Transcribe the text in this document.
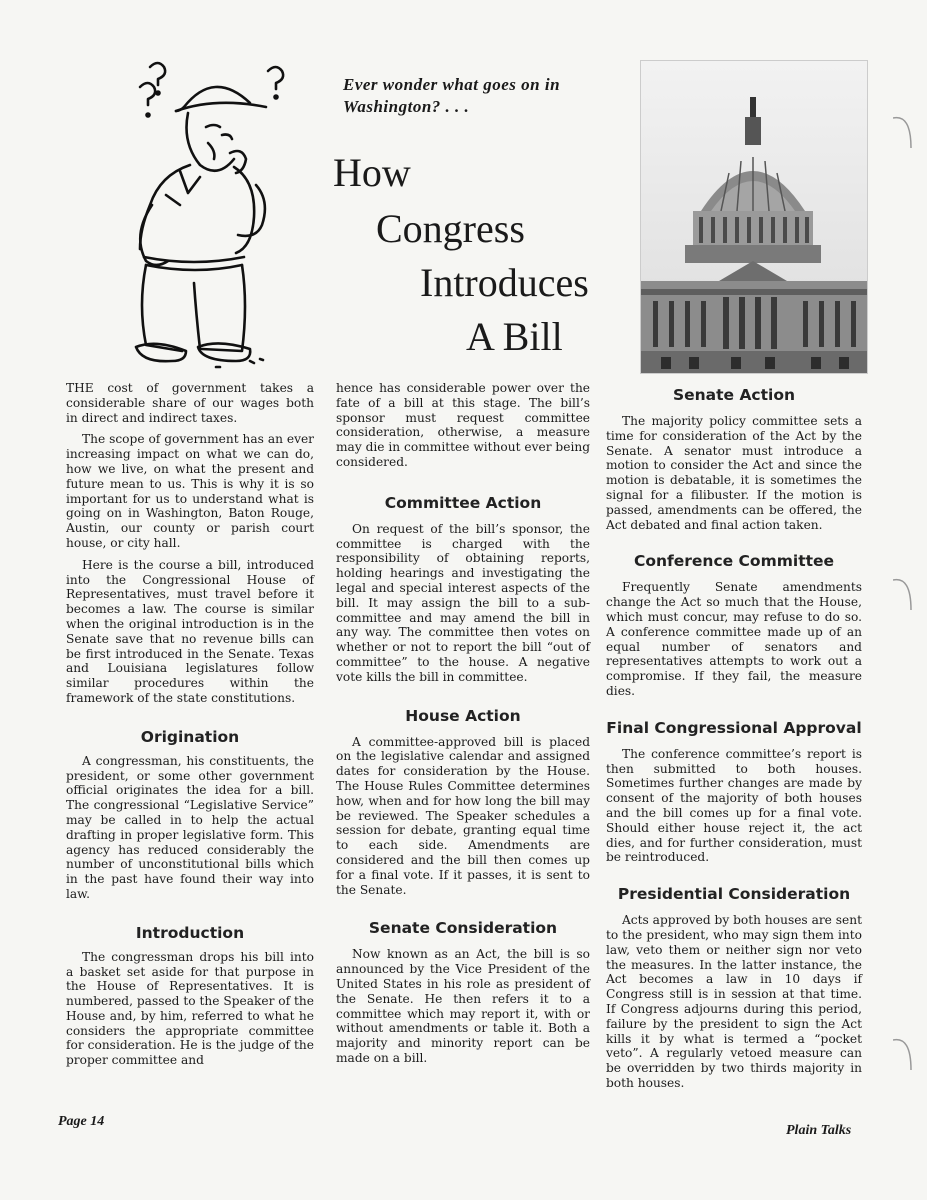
Ever wonder what goes on in Washington? . . .
How
Congress
Introduces
A Bill

THE cost of government takes a considerable share of our wages both in direct and indirect taxes.

The scope of government has an ever increasing impact on what we can do, how we live, on what the present and future mean to us. This is why it is so important for us to understand what is going on in Washington, Baton Rouge, Austin, our county or parish court house, or city hall.

Here is the course a bill, introduced into the Congressional House of Representatives, must travel before it becomes a law. The course is similar when the original introduction is in the Senate save that no revenue bills can be first introduced in the Senate. Texas and Louisiana legislatures follow similar procedures within the framework of the state constitutions.

Origination

A congressman, his constituents, the president, or some other government official originates the idea for a bill. The congressional “Legislative Service” may be called in to help the actual drafting in proper legislative form. This agency has reduced considerably the number of unconstitutional bills which in the past have found their way into law.

Introduction

The congressman drops his bill into a basket set aside for that purpose in the House of Representatives. It is numbered, passed to the Speaker of the House and, by him, referred to what he considers the appropriate committee for consideration. He is the judge of the proper committee and

hence has considerable power over the fate of a bill at this stage. The bill’s sponsor must request committee consideration, otherwise, a measure may die in committee without ever being considered.

Committee Action

On request of the bill’s sponsor, the committee is charged with the responsibility of obtaining reports, holding hearings and investigating the legal and special interest aspects of the bill. It may assign the bill to a sub-committee and may amend the bill in any way. The committee then votes on whether or not to report the bill “out of committee” to the house. A negative vote kills the bill in committee.

House Action

A committee-approved bill is placed on the legislative calendar and assigned dates for consideration by the House. The House Rules Committee determines how, when and for how long the bill may be reviewed. The Speaker schedules a session for debate, granting equal time to each side. Amendments are considered and the bill then comes up for a final vote. If it passes, it is sent to the Senate.

Senate Consideration

Now known as an Act, the bill is so announced by the Vice President of the United States in his role as president of the Senate. He then refers it to a committee which may report it, with or without amendments or table it. Both a majority and minority report can be made on a bill.

Senate Action

The majority policy committee sets a time for consideration of the Act by the Senate. A senator must introduce a motion to consider the Act and since the motion is debatable, it is sometimes the signal for a filibuster. If the motion is passed, amendments can be offered, the Act debated and final action taken.

Conference Committee

Frequently Senate amendments change the Act so much that the House, which must concur, may refuse to do so. A conference committee made up of an equal number of senators and representatives attempts to work out a compromise. If they fail, the measure dies.

Final Congressional Approval

The conference committee’s report is then submitted to both houses. Sometimes further changes are made by consent of the majority of both houses and the bill comes up for a final vote. Should either house reject it, the act dies, and for further consideration, must be reintroduced.

Presidential Consideration

Acts approved by both houses are sent to the president, who may sign them into law, veto them or neither sign nor veto the measures. In the latter instance, the Act becomes a law in 10 days if Congress still is in session at that time. If Congress adjourns during this period, failure by the president to sign the Act kills it by what is termed a “pocket veto”. A regularly vetoed measure can be overridden by two thirds majority in both houses.

Page 14
Plain Talks
